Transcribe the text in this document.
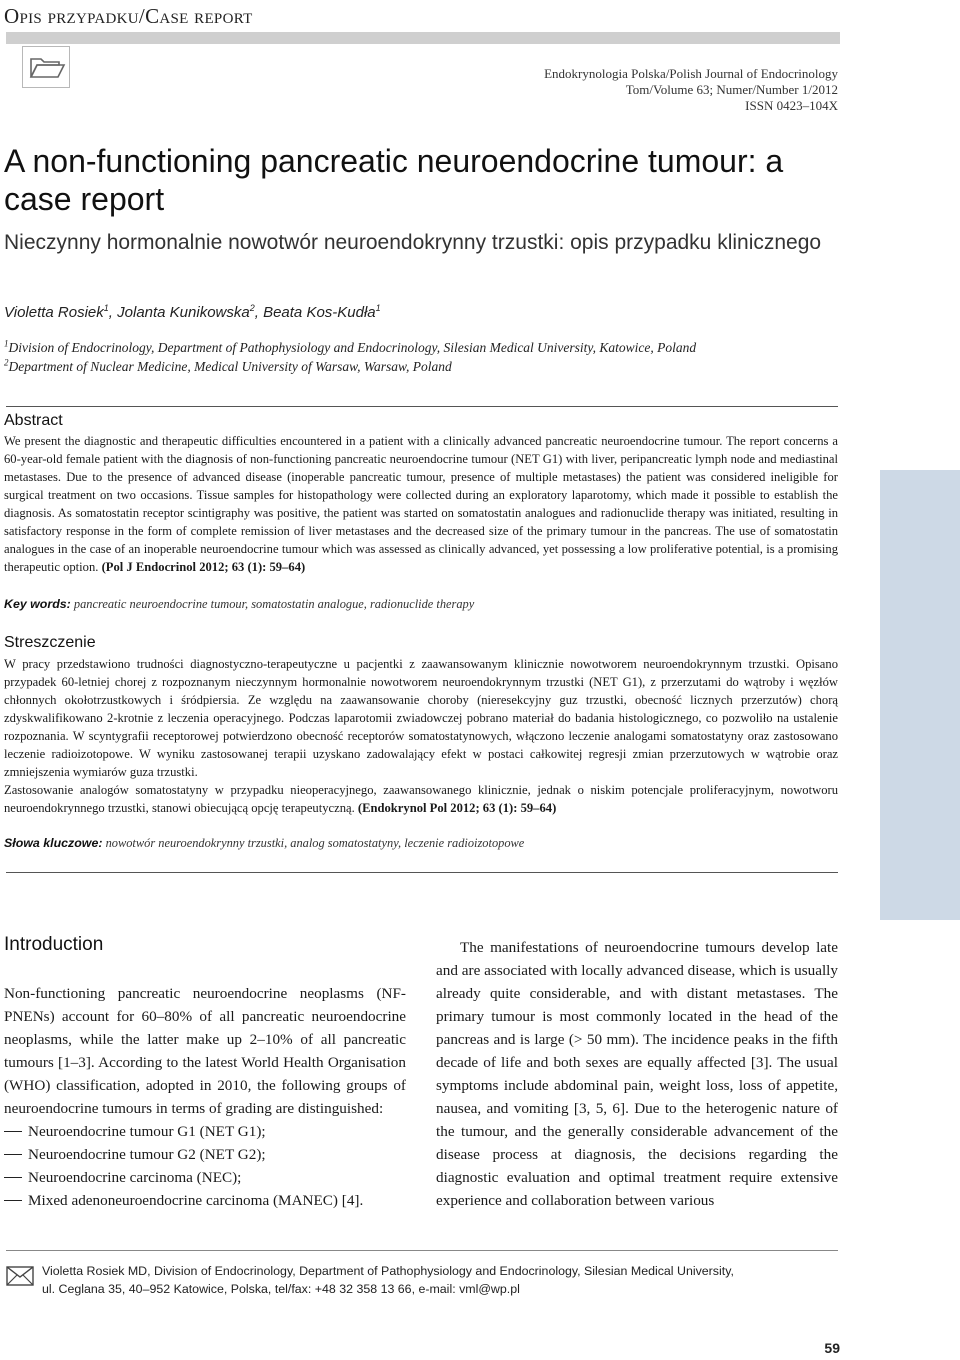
Opis przypadku/Case report
Endokrynologia Polska/Polish Journal of Endocrinology
Tom/Volume 63; Numer/Number 1/2012
ISSN 0423–104X
A non-functioning pancreatic neuroendocrine tumour: a case report
Nieczynny hormonalnie nowotwór neuroendokrynny trzustki: opis przypadku klinicznego
Violetta Rosiek$^1$, Jolanta Kunikowska$^2$, Beata Kos-Kudła$^1$
$^1$Division of Endocrinology, Department of Pathophysiology and Endocrinology, Silesian Medical University, Katowice, Poland
$^2$Department of Nuclear Medicine, Medical University of Warsaw, Warsaw, Poland
Abstract
We present the diagnostic and therapeutic difficulties encountered in a patient with a clinically advanced pancreatic neuroendocrine tumour. The report concerns a 60-year-old female patient with the diagnosis of non-functioning pancreatic neuroendocrine tumour (NET G1) with liver, peripancreatic lymph node and mediastinal metastases. Due to the presence of advanced disease (inoperable pancreatic tumour, presence of multiple metastases) the patient was considered ineligible for surgical treatment on two occasions. Tissue samples for histopathology were collected during an exploratory laparotomy, which made it possible to establish the diagnosis. As somatostatin receptor scintigraphy was positive, the patient was started on somatostatin analogues and radionuclide therapy was initiated, resulting in satisfactory response in the form of complete remission of liver metastases and the decreased size of the primary tumour in the pancreas. The use of somatostatin analogues in the case of an inoperable neuroendocrine tumour which was assessed as clinically advanced, yet possessing a low proliferative potential, is a promising therapeutic option. (Pol J Endocrinol 2012; 63 (1): 59–64)
Key words: pancreatic neuroendocrine tumour, somatostatin analogue, radionuclide therapy
Streszczenie
W pracy przedstawiono trudności diagnostyczno-terapeutyczne u pacjentki z zaawansowanym klinicznie nowotworem neuroendokrynnym trzustki. Opisano przypadek 60-letniej chorej z rozpoznanym nieczynnym hormonalnie nowotworem neuroendokrynnym trzustki (NET G1), z przerzutami do wątroby i węzłów chłonnych okołotrzustkowych i śródpiersia. Ze względu na zaawansowanie choroby (nieresekcyjny guz trzustki, obecność licznych przerzutów) chorą zdyskwalifikowano 2-krotnie z leczenia operacyjnego. Podczas laparotomii zwiadowczej pobrano materiał do badania histologicznego, co pozwoliło na ustalenie rozpoznania. W scyntygrafii receptorowej potwierdzono obecność receptorów somatostatynowych, włączono leczenie analogami somatostatyny oraz zastosowano leczenie radioizotopowe. W wyniku zastosowanej terapii uzyskano zadowalający efekt w postaci całkowitej regresji zmian przerzutowych w wątrobie oraz zmniejszenia wymiarów guza trzustki.
Zastosowanie analogów somatostatyny w przypadku nieoperacyjnego, zaawansowanego klinicznie, jednak o niskim potencjale proliferacyjnym, nowotworu neuroendokrynnego trzustki, stanowi obiecującą opcję terapeutyczną. (Endokrynol Pol 2012; 63 (1): 59–64)
Słowa kluczowe: nowotwór neuroendokrynny trzustki, analog somatostatyny, leczenie radioizotopowe
Introduction

Non-functioning pancreatic neuroendocrine neoplasms (NF-PNENs) account for 60–80% of all pancreatic neuroendocrine neoplasms, while the latter make up 2–10% of all pancreatic tumours [1–3]. According to the latest World Health Organisation (WHO) classification, adopted in 2010, the following groups of neuroendocrine tumours in terms of grading are distinguished:

Neuroendocrine tumour G1 (NET G1);
Neuroendocrine tumour G2 (NET G2);
Neuroendocrine carcinoma (NEC);
Mixed adenoneuroendocrine carcinoma (MANEC) [4].

The manifestations of neuroendocrine tumours develop late and are associated with locally advanced disease, which is usually already quite considerable, and with distant metastases. The primary tumour is most commonly located in the head of the pancreas and is large (> 50 mm). The incidence peaks in the fifth decade of life and both sexes are equally affected [3]. The usual symptoms include abdominal pain, weight loss, loss of appetite, nausea, and vomiting [3, 5, 6]. Due to the heterogenic nature of the tumour, and the generally considerable advancement of the disease process at diagnosis, the decisions regarding the diagnostic evaluation and optimal treatment require extensive experience and collaboration between various

Violetta Rosiek MD, Division of Endocrinology, Department of Pathophysiology and Endocrinology, Silesian Medical University,
ul. Ceglana 35, 40–952 Katowice, Polska, tel/fax: +48 32 358 13 66, e-mail: vml@wp.pl
59
